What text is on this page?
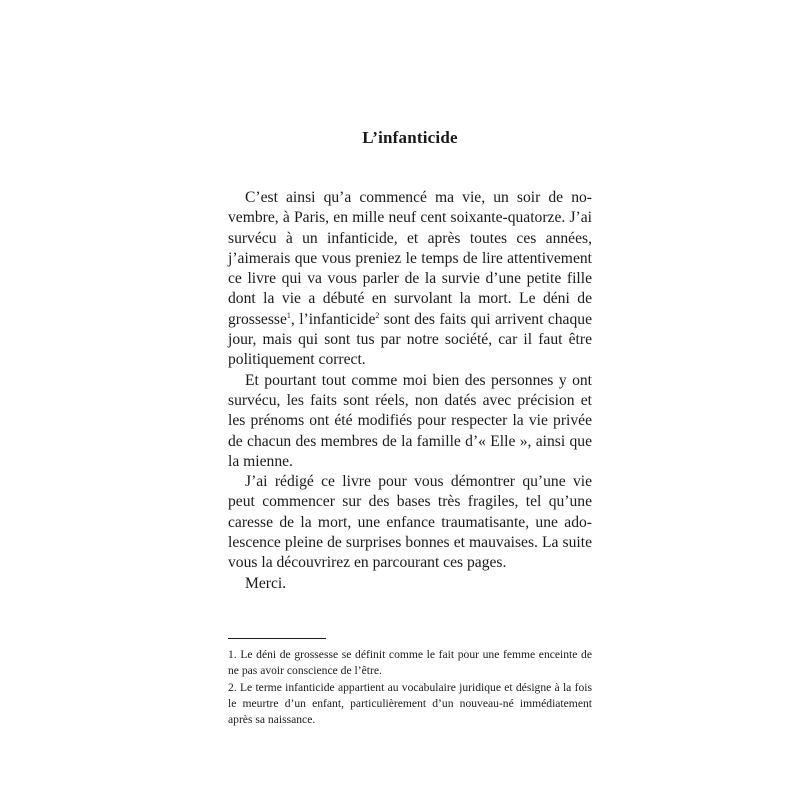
L’infanticide

C’est ainsi qu’a commencé ma vie, un soir de novembre, à Paris, en mille neuf cent soixante-quatorze. J’ai survécu à un infanticide, et après toutes ces années, j’aimerais que vous preniez le temps de lire attentivement ce livre qui va vous parler de la survie d’une petite fille dont la vie a débuté en survolant la mort. Le déni de grossesse$^1$, l’infanticide$^2$ sont des faits qui arrivent chaque jour, mais qui sont tus par notre société, car il faut être politiquement correct.

Et pourtant tout comme moi bien des personnes y ont survécu, les faits sont réels, non datés avec précision et les prénoms ont été modifiés pour respecter la vie privée de chacun des membres de la famille d’« Elle », ainsi que la mienne.

J’ai rédigé ce livre pour vous démontrer qu’une vie peut commencer sur des bases très fragiles, tel qu’une caresse de la mort, une enfance traumatisante, une adolescence pleine de surprises bonnes et mauvaises. La suite vous la découvrirez en parcourant ces pages.

Merci.

1. Le déni de grossesse se définit comme le fait pour une femme enceinte de ne pas avoir conscience de l’être.

2. Le terme infanticide appartient au vocabulaire juridique et désigne à la fois le meurtre d’un enfant, particulièrement d’un nouveau-né immédiatement après sa naissance.
